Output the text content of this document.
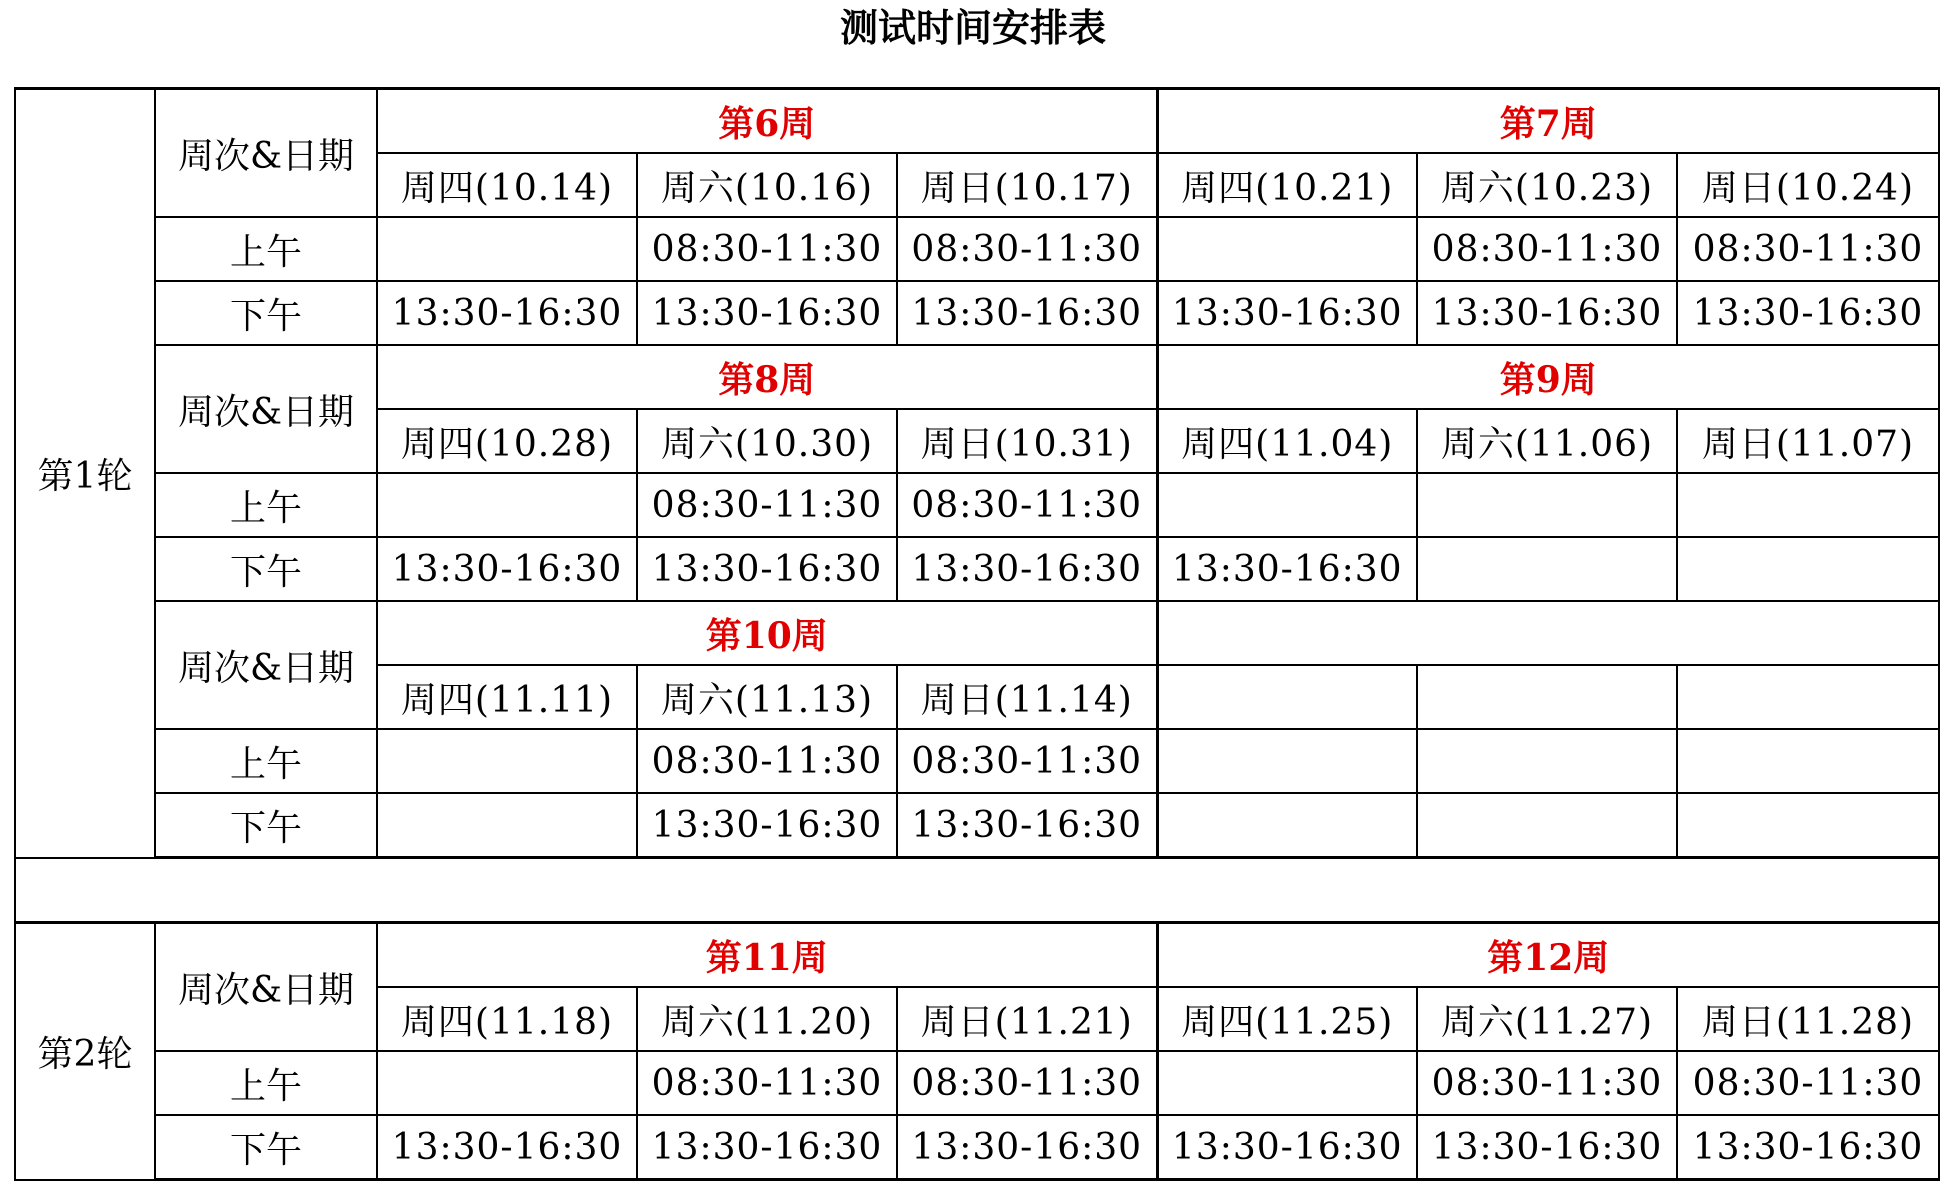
测试时间安排表
第1轮	周次&日期	第6周			第7周		
		周四(10.14)	周六(10.16)	周日(10.17)	周四(10.21)	周六(10.23)	周日(10.24)
	上午		08:30-11:30	08:30-11:30		08:30-11:30	08:30-11:30
	下午	13:30-16:30	13:30-16:30	13:30-16:30	13:30-16:30	13:30-16:30	13:30-16:30
	周次&日期	第8周			第9周		
		周四(10.28)	周六(10.30)	周日(10.31)	周四(11.04)	周六(11.06)	周日(11.07)
	上午		08:30-11:30	08:30-11:30			
	下午	13:30-16:30	13:30-16:30	13:30-16:30	13:30-16:30		
	周次&日期	第10周					
		周四(11.11)	周六(11.13)	周日(11.14)			
	上午		08:30-11:30	08:30-11:30			
	下午		13:30-16:30	13:30-16:30			

第2轮	周次&日期	第11周			第12周		
		周四(11.18)	周六(11.20)	周日(11.21)	周四(11.25)	周六(11.27)	周日(11.28)
	上午		08:30-11:30	08:30-11:30		08:30-11:30	08:30-11:30
	下午	13:30-16:30	13:30-16:30	13:30-16:30	13:30-16:30	13:30-16:30	13:30-16:30
